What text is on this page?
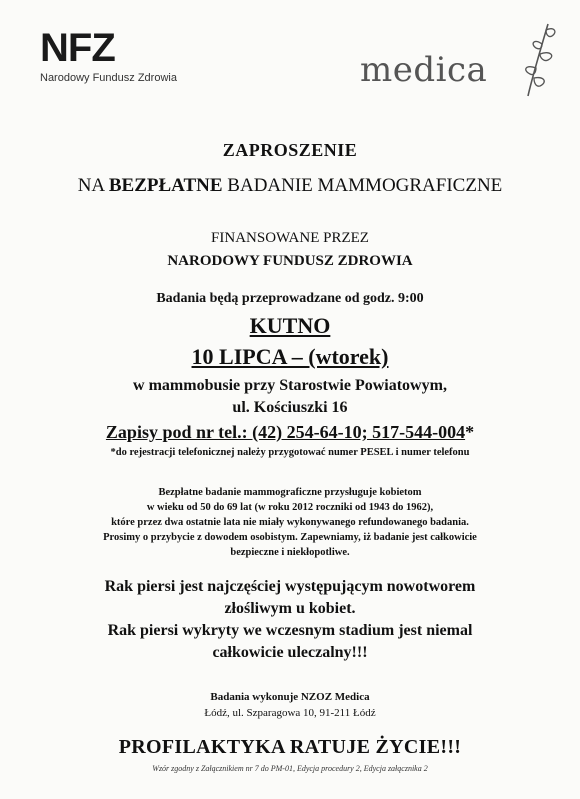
NFZ
Narodowy Fundusz Zdrowia	medica
ZAPROSZENIE
NA BEZPŁATNE BADANIE MAMMOGRAFICZNE
FINANSOWANE PRZEZ
NARODOWY FUNDUSZ ZDROWIA
Badania będą przeprowadzane od godz. 9:00
KUTNO
10 LIPCA – (wtorek)
w mammobusie przy Starostwie Powiatowym,
ul. Kościuszki 16
Zapisy pod nr tel.: (42) 254-64-10; 517-544-004*
*do rejestracji telefonicznej należy przygotować numer PESEL i numer telefonu
Bezpłatne badanie mammograficzne przysługuje kobietom
w wieku od 50 do 69 lat (w roku 2012 roczniki od 1943 do 1962),
które przez dwa ostatnie lata nie miały wykonywanego refundowanego badania.
Prosimy o przybycie z dowodem osobistym. Zapewniamy, iż badanie jest całkowicie
bezpieczne i niekłopotliwe.
Rak piersi jest najczęściej występującym nowotworem
złośliwym u kobiet.
Rak piersi wykryty we wczesnym stadium jest niemal
całkowicie uleczalny!!!
Badania wykonuje NZOZ Medica
Łódź, ul. Szparagowa 10, 91-211 Łódź
PROFILAKTYKA RATUJE ŻYCIE!!!
Wzór zgodny z Załącznikiem nr 7 do PM-01, Edycja procedury 2, Edycja załącznika 2
